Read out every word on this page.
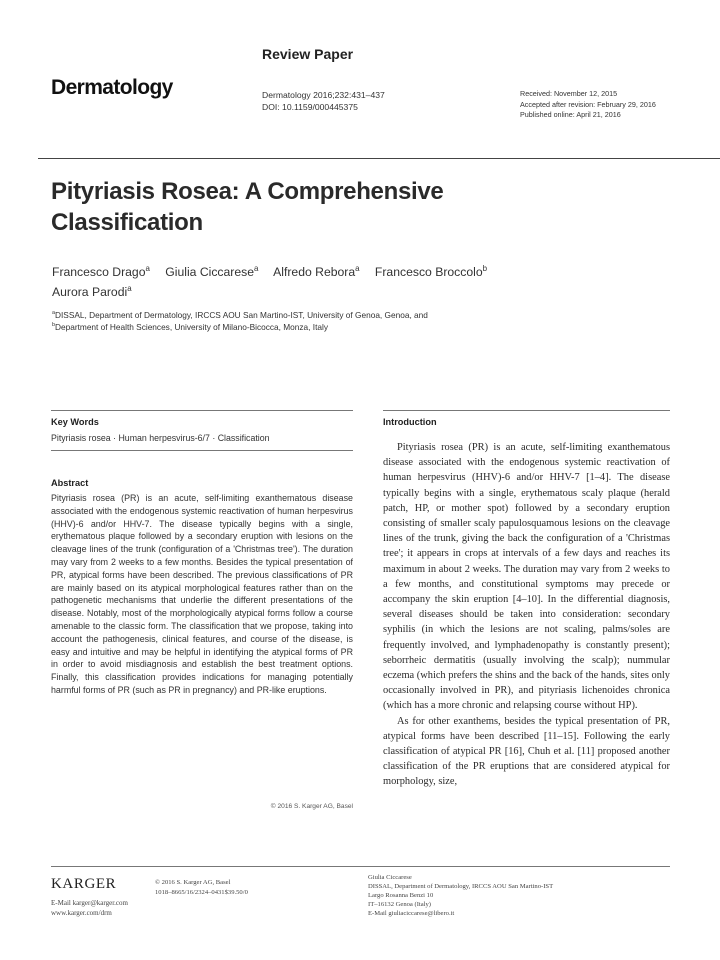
Review Paper
Dermatology	Dermatology 2016;232:431–437
DOI: 10.1159/000445375
Received: November 12, 2015
Accepted after revision: February 29, 2016
Published online: April 21, 2016
Pityriasis Rosea: A Comprehensive Classification
Francesco Drago$^a$ Giulia Ciccarese$^a$ Alfredo Rebora$^a$ Francesco Broccolo$^b$
Aurora Parodi$^a$
$^a$DISSAL, Department of Dermatology, IRCCS AOU San Martino-IST, University of Genoa, Genoa, and
$^b$Department of Health Sciences, University of Milano-Bicocca, Monza, Italy
Key Words
Pityriasis rosea · Human herpesvirus-6/7 · Classification
Abstract
Pityriasis rosea (PR) is an acute, self-limiting exanthematous disease associated with the endogenous systemic reactivation of human herpesvirus (HHV)-6 and/or HHV-7. The disease typically begins with a single, erythematous plaque followed by a secondary eruption with lesions on the cleavage lines of the trunk (configuration of a 'Christmas tree'). The duration may vary from 2 weeks to a few months. Besides the typical presentation of PR, atypical forms have been described. The previous classifications of PR are mainly based on its atypical morphological features rather than on the pathogenetic mechanisms that underlie the different presentations of the disease. Notably, most of the morphologically atypical forms follow a course amenable to the classic form. The classification that we propose, taking into account the pathogenesis, clinical features, and course of the disease, is easy and intuitive and may be helpful in identifying the atypical forms of PR in order to avoid misdiagnosis and establish the best treatment options. Finally, this classification provides indications for managing potentially harmful forms of PR (such as PR in pregnancy) and PR-like eruptions.
© 2016 S. Karger AG, Basel
Introduction

Pityriasis rosea (PR) is an acute, self-limiting exanthematous disease associated with the endogenous systemic reactivation of human herpesvirus (HHV)-6 and/or HHV-7 [1–4]. The disease typically begins with a single, erythematous scaly plaque (herald patch, HP, or mother spot) followed by a secondary eruption consisting of smaller scaly papulosquamous lesions on the cleavage lines of the trunk, giving the back the configuration of a 'Christmas tree'; it appears in crops at intervals of a few days and reaches its maximum in about 2 weeks. The duration may vary from 2 weeks to a few months, and constitutional symptoms may precede or accompany the skin eruption [4–10]. In the differential diagnosis, several diseases should be taken into consideration: secondary syphilis (in which the lesions are not scaling, palms/soles are frequently involved, and lymphadenopathy is constantly present); seborrheic dermatitis (usually involving the scalp); nummular eczema (which prefers the shins and the back of the hands, sites only occasionally involved in PR), and pityriasis lichenoides chronica (which has a more chronic and relapsing course without HP).

As for other exanthems, besides the typical presentation of PR, atypical forms have been described [11–15]. Following the early classification of atypical PR [16], Chuh et al. [11] proposed another classification of the PR eruptions that are considered atypical for morphology, size,

KARGER
E-Mail karger@karger.com
www.karger.com/drm
© 2016 S. Karger AG, Basel
1018–8665/16/2324–0431$39.50/0
Giulia Ciccarese
DISSAL, Department of Dermatology, IRCCS AOU San Martino-IST
Largo Rosanna Benzi 10
IT–16132 Genoa (Italy)
E-Mail giuliaciccarese@libero.it
